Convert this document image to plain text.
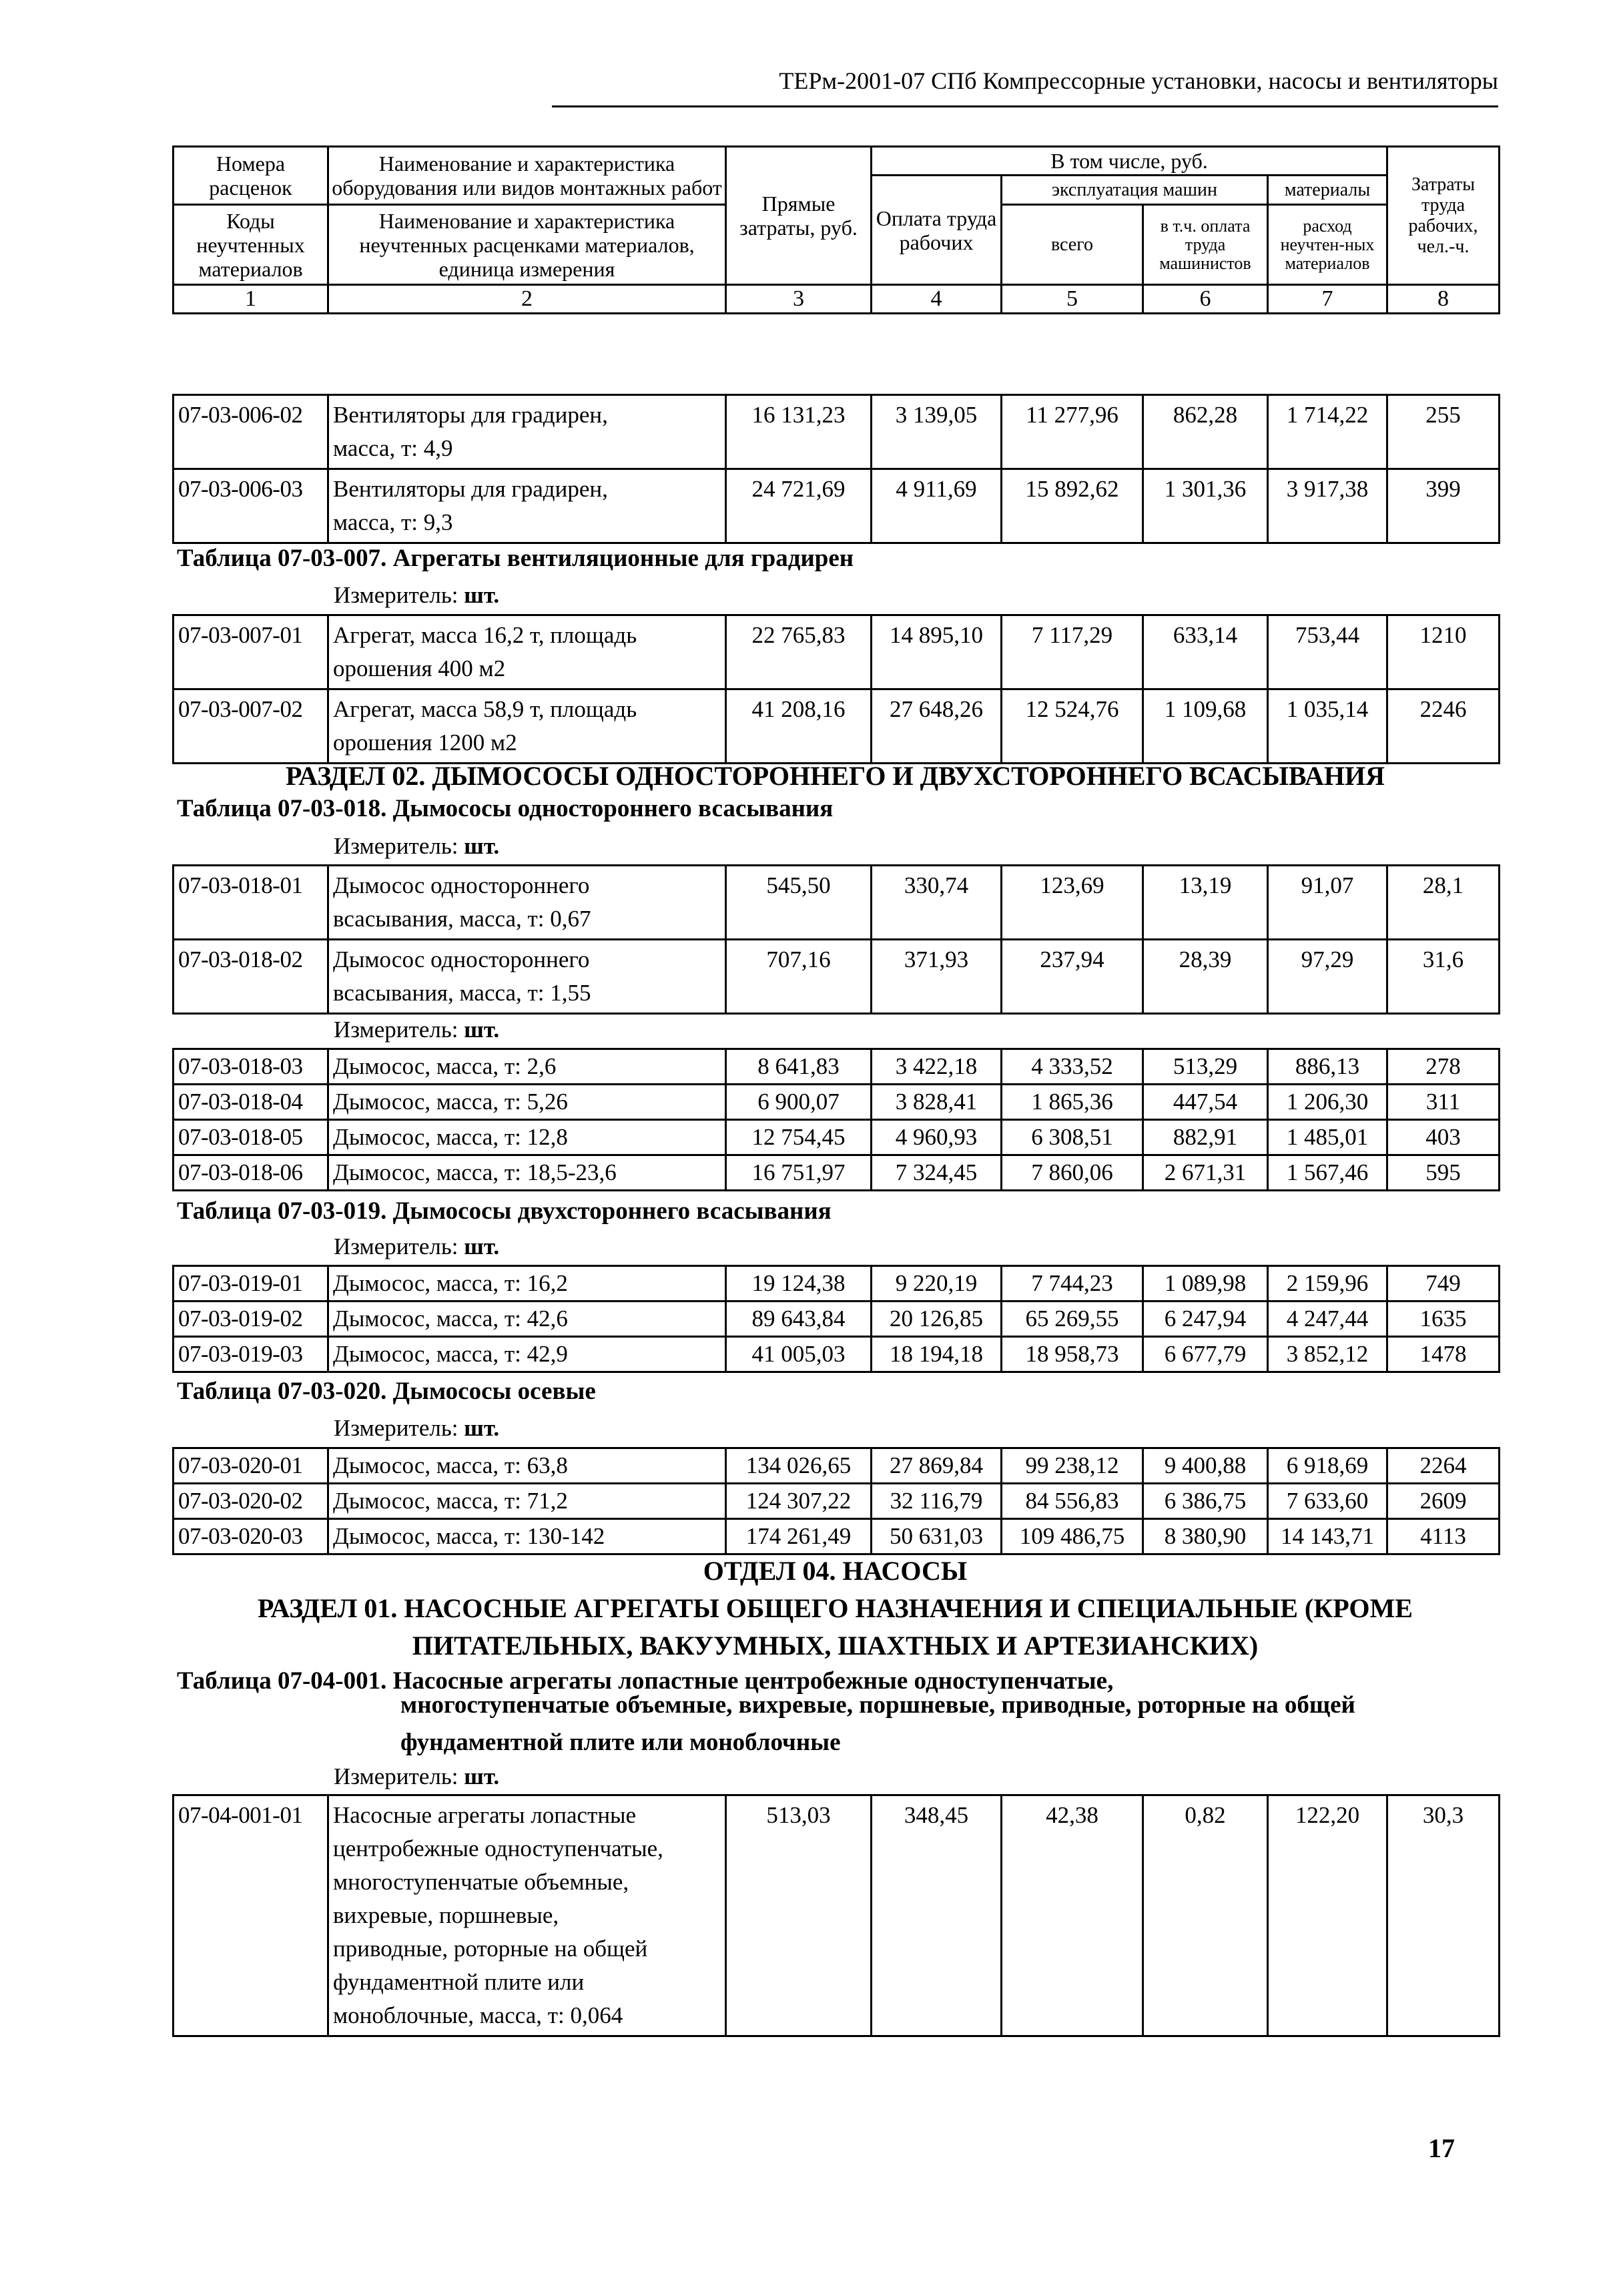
ТЕРм-2001-07 СПб Компрессорные установки, насосы и вентиляторы
Номера расценок	Наименование и характеристика оборудования или видов монтажных работ	Прямые затраты, руб.	В том числе, руб.				Затраты труда рабочих, чел.-ч.
			Оплата труда рабочих	эксплуатация машин		материалы	
Коды неучтенных материалов	Наименование и характеристика неучтенных расценками материалов, единица измерения			всего	в т.ч. оплата труда машинистов	расход неучтен-ных материалов	

1	2	3	4	5	6	7	8
07-03-006-02	Вентиляторы для градирен,
масса, т: 4,9	16 131,23	3 139,05	11 277,96	862,28	1 714,22	255
07-03-006-03	Вентиляторы для градирен,
масса, т: 9,3	24 721,69	4 911,69	15 892,62	1 301,36	3 917,38	399
Таблица 07-03-007. Агрегаты вентиляционные для градирен
Измеритель: шт.
07-03-007-01	Агрегат, масса 16,2 т, площадь
орошения 400 м2	22 765,83	14 895,10	7 117,29	633,14	753,44	1210
07-03-007-02	Агрегат, масса 58,9 т, площадь
орошения 1200 м2	41 208,16	27 648,26	12 524,76	1 109,68	1 035,14	2246
РАЗДЕЛ 02. ДЫМОСОСЫ ОДНОСТОРОННЕГО И ДВУХСТОРОННЕГО ВСАСЫВАНИЯ
Таблица 07-03-018. Дымососы одностороннего всасывания
Измеритель: шт.
07-03-018-01	Дымосос одностороннего
всасывания, масса, т: 0,67	545,50	330,74	123,69	13,19	91,07	28,1
07-03-018-02	Дымосос одностороннего
всасывания, масса, т: 1,55	707,16	371,93	237,94	28,39	97,29	31,6
Измеритель: шт.
07-03-018-03	Дымосос, масса, т: 2,6	8 641,83	3 422,18	4 333,52	513,29	886,13	278
07-03-018-04	Дымосос, масса, т: 5,26	6 900,07	3 828,41	1 865,36	447,54	1 206,30	311
07-03-018-05	Дымосос, масса, т: 12,8	12 754,45	4 960,93	6 308,51	882,91	1 485,01	403
07-03-018-06	Дымосос, масса, т: 18,5-23,6	16 751,97	7 324,45	7 860,06	2 671,31	1 567,46	595
Таблица 07-03-019. Дымососы двухстороннего всасывания
Измеритель: шт.
07-03-019-01	Дымосос, масса, т: 16,2	19 124,38	9 220,19	7 744,23	1 089,98	2 159,96	749
07-03-019-02	Дымосос, масса, т: 42,6	89 643,84	20 126,85	65 269,55	6 247,94	4 247,44	1635
07-03-019-03	Дымосос, масса, т: 42,9	41 005,03	18 194,18	18 958,73	6 677,79	3 852,12	1478
Таблица 07-03-020. Дымососы осевые
Измеритель: шт.
07-03-020-01	Дымосос, масса, т: 63,8	134 026,65	27 869,84	99 238,12	9 400,88	6 918,69	2264
07-03-020-02	Дымосос, масса, т: 71,2	124 307,22	32 116,79	84 556,83	6 386,75	7 633,60	2609
07-03-020-03	Дымосос, масса, т: 130-142	174 261,49	50 631,03	109 486,75	8 380,90	14 143,71	4113
ОТДЕЛ 04. НАСОСЫ
РАЗДЕЛ 01. НАСОСНЫЕ АГРЕГАТЫ ОБЩЕГО НАЗНАЧЕНИЯ И СПЕЦИАЛЬНЫЕ (КРОМЕ
ПИТАТЕЛЬНЫХ, ВАКУУМНЫХ, ШАХТНЫХ И АРТЕЗИАНСКИХ)
Таблица 07-04-001. Насосные агрегаты лопастные центробежные одноступенчатые,
многоступенчатые объемные, вихревые, поршневые, приводные, роторные на общей
фундаментной плите или моноблочные
Измеритель: шт.
07-04-001-01	Насосные агрегаты лопастные
центробежные одноступенчатые,
многоступенчатые объемные,
вихревые, поршневые,
приводные, роторные на общей
фундаментной плите или
моноблочные, масса, т: 0,064
	513,03	348,45	42,38	0,82	122,20	30,3
17
